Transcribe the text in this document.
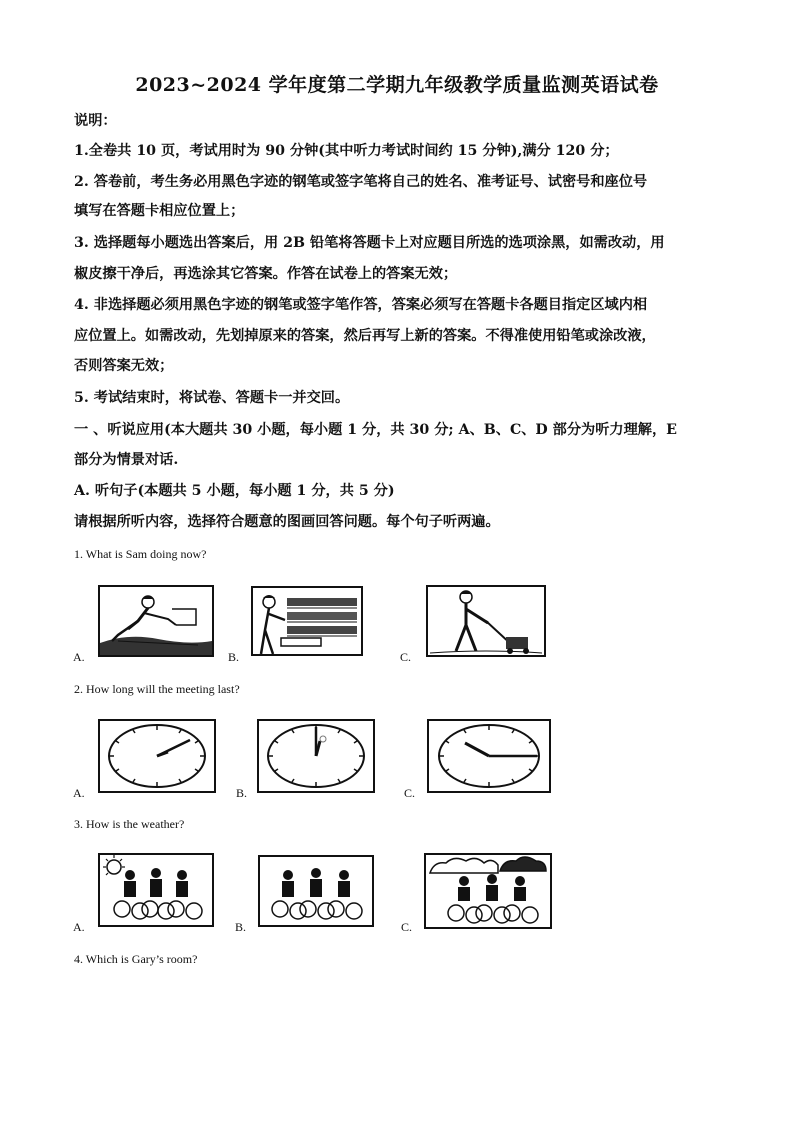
2023~2024 学年度第二学期九年级教学质量监测英语试卷
说明：
1.全卷共 10 页，考试用时为 90 分钟(其中听力考试时间约 15 分钟),满分 120 分；
2. 答卷前，考生务必用黑色字迹的钢笔或签字笔将自己的姓名、准考证号、试密号和座位号
填写在答题卡相应位置上；
3. 选择题每小题选出答案后，用 2B 铅笔将答题卡上对应题目所选的选项涂黑，如需改动，用
椒皮擦干净后，再选涂其它答案。作答在试卷上的答案无效；
4. 非选择题必须用黑色字迹的钢笔或签字笔作答，答案必须写在答题卡各题目指定区域内相
应位置上。如需改动，先划掉原来的答案，然后再写上新的答案。不得准使用铅笔或涂改液，
否则答案无效；
5. 考试结束时，将试卷、答题卡一并交回。
一 、听说应用(本大题共 30 小题，每小题 1 分，共 30 分; A、B、C、D 部分为听力理解，E
部分为情景对话.
A. 听句子(本题共 5 小题，每小题 1 分，共 5 分)
请根据所听内容，选择符合题意的图画回答问题。每个句子听两遍。
1. What is Sam doing now?
A.	B.	C.
2. How long will the meeting last?
A.	B.	C.
3. How is the weather?
A.	B.	C.
4. Which is Gary’s room?
